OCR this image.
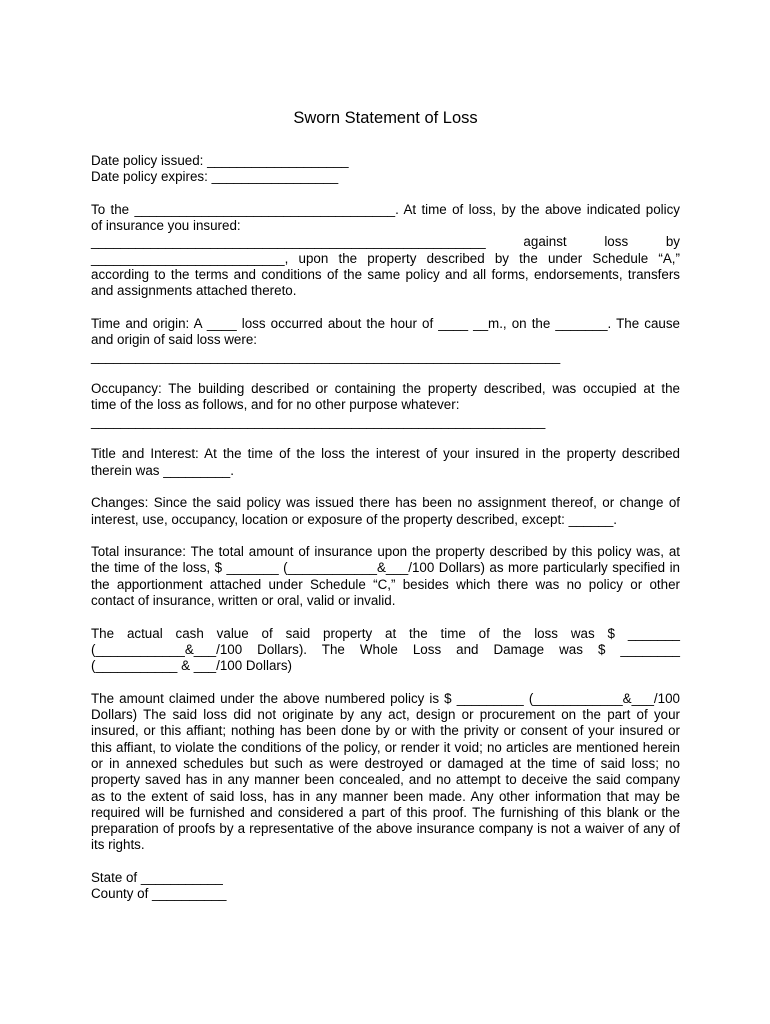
Sworn Statement of Loss

Date policy issued: ___________________
Date policy expires: _________________

To the ___________________________________. At time of loss, by the above indicated policy
of insurance you insured:
_____________________________________________________ against loss by
__________________________, upon the property described by the under Schedule “A,”
according to the terms and conditions of the same policy and all forms, endorsements, transfers
and assignments attached thereto.

Time and origin: A ____ loss occurred about the hour of ____ __m., on the _______. The cause
and origin of said loss were:
_______________________________________________________________

Occupancy: The building described or containing the property described, was occupied at the
time of the loss as follows, and for no other purpose whatever:
_____________________________________________________________

Title and Interest: At the time of the loss the interest of your insured in the property described
therein was _________.

Changes: Since the said policy was issued there has been no assignment thereof, or change of
interest, use, occupancy, location or exposure of the property described, except: ______.

Total insurance: The total amount of insurance upon the property described by this policy was, at
the time of the loss, $ _______ (____________&___/100 Dollars) as more particularly specified in
the apportionment attached under Schedule “C,” besides which there was no policy or other
contact of insurance, written or oral, valid or invalid.

The actual cash value of said property at the time of the loss was $ _______
(____________&___/100 Dollars). The Whole Loss and Damage was $ ________
(___________ & ___/100 Dollars)

The amount claimed under the above numbered policy is $ _________ (____________&___/100
Dollars) The said loss did not originate by any act, design or procurement on the part of your
insured, or this affiant; nothing has been done by or with the privity or consent of your insured or
this affiant, to violate the conditions of the policy, or render it void; no articles are mentioned herein
or in annexed schedules but such as were destroyed or damaged at the time of said loss; no
property saved has in any manner been concealed, and no attempt to deceive the said company
as to the extent of said loss, has in any manner been made. Any other information that may be
required will be furnished and considered a part of this proof. The furnishing of this blank or the
preparation of proofs by a representative of the above insurance company is not a waiver of any of
its rights.

State of ___________
County of __________
